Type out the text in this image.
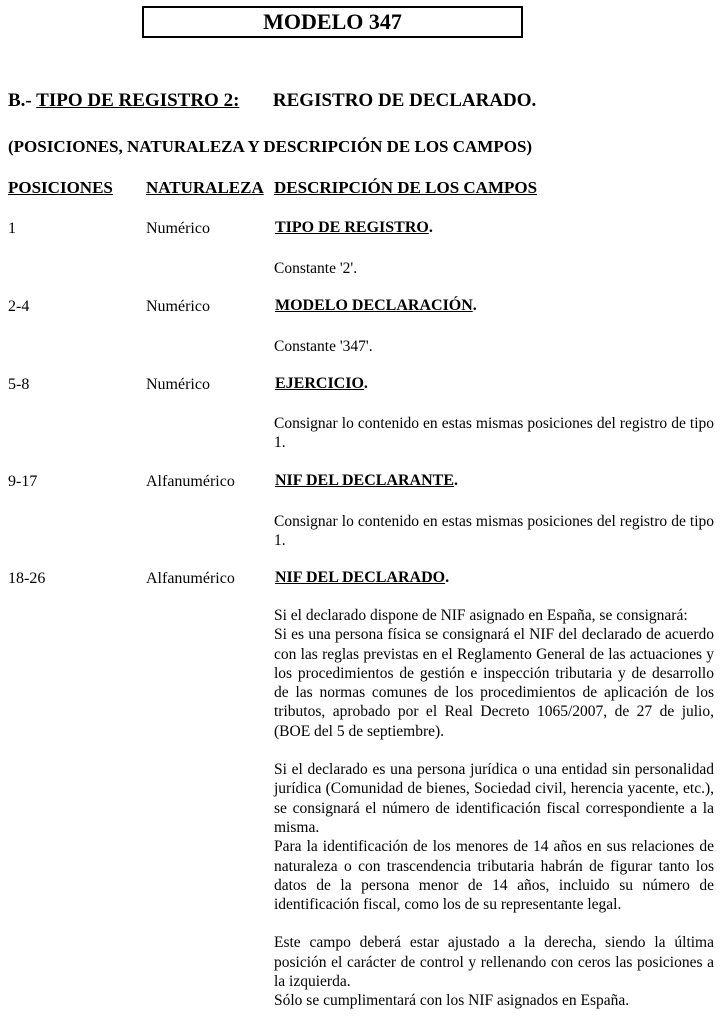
MODELO 347
B.- TIPO DE REGISTRO 2: REGISTRO DE DECLARADO.
(POSICIONES, NATURALEZA Y DESCRIPCIÓN DE LOS CAMPOS)
POSICIONES NATURALEZA DESCRIPCIÓN DE LOS CAMPOS
1	Numérico	TIPO DE REGISTRO.

Constante '2'.

2-4	Numérico	MODELO DECLARACIÓN.

Constante '347'.

5-8	Numérico	EJERCICIO.

Consignar lo contenido en estas mismas posiciones del registro de tipo 1.

9-17	Alfanumérico	NIF DEL DECLARANTE.

Consignar lo contenido en estas mismas posiciones del registro de tipo 1.

18-26	Alfanumérico	NIF DEL DECLARADO.

Si el declarado dispone de NIF asignado en España, se consignará:

Si es una persona física se consignará el NIF del declarado de acuerdo con las reglas previstas en el Reglamento General de las actuaciones y los procedimientos de gestión e inspección tributaria y de desarrollo de las normas comunes de los procedimientos de aplicación de los tributos, aprobado por el Real Decreto 1065/2007, de 27 de julio, (BOE del 5 de septiembre).

Si el declarado es una persona jurídica o una entidad sin personalidad jurídica (Comunidad de bienes, Sociedad civil, herencia yacente, etc.), se consignará el número de identificación fiscal correspondiente a la misma.

Para la identificación de los menores de 14 años en sus relaciones de naturaleza o con trascendencia tributaria habrán de figurar tanto los datos de la persona menor de 14 años, incluido su número de identificación fiscal, como los de su representante legal.

Este campo deberá estar ajustado a la derecha, siendo la última posición el carácter de control y rellenando con ceros las posiciones a la izquierda.

Sólo se cumplimentará con los NIF asignados en España.
